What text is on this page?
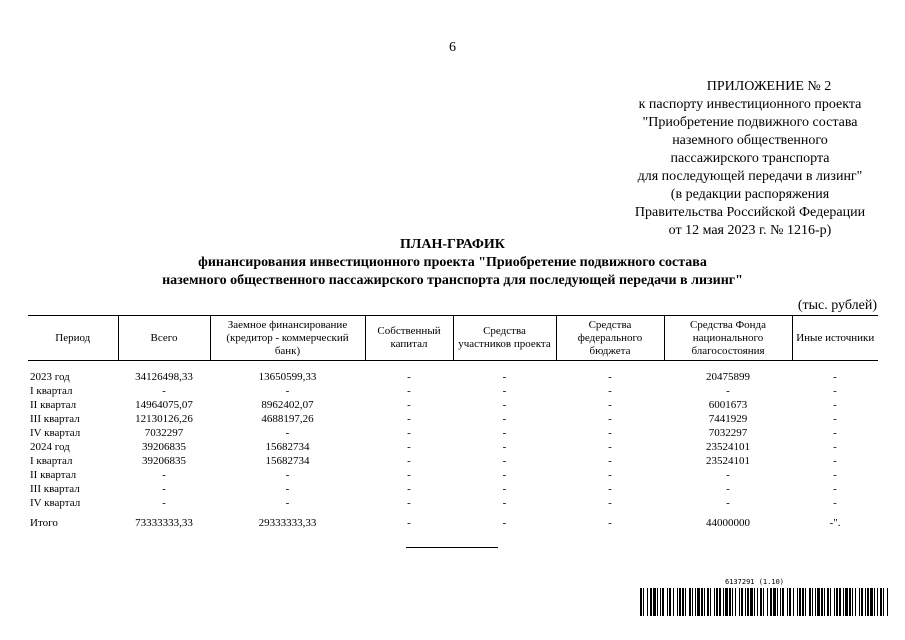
6
ПРИЛОЖЕНИЕ № 2
к паспорту инвестиционного проекта
"Приобретение подвижного состава
наземного общественного
пассажирского транспорта
для последующей передачи в лизинг"
(в редакции распоряжения
Правительства Российской Федерации
от 12 мая 2023 г. № 1216-р)
ПЛАН-ГРАФИК
финансирования инвестиционного проекта "Приобретение подвижного состава
наземного общественного пассажирского транспорта для последующей передачи в лизинг"
(тыс. рублей)
Период	Всего	Заемное финансирование (кредитор - коммерческий банк)	Собственный капитал	Средства участников проекта	Средства федерального бюджета	Средства Фонда национального благосостояния	Иные источники
2023 год	34126498,33	13650599,33	-	-	-	20475899	-
I квартал	-	-	-	-	-	-	-
II квартал	14964075,07	8962402,07	-	-	-	6001673	-
III квартал	12130126,26	4688197,26	-	-	-	7441929	-
IV квартал	7032297	-	-	-	-	7032297	-
2024 год	39206835	15682734	-	-	-	23524101	-
I квартал	39206835	15682734	-	-	-	23524101	-
II квартал	-	-	-	-	-	-	-
III квартал	-	-	-	-	-	-	-
IV квартал	-	-	-	-	-	-	-
Итого	73333333,33	29333333,33	-	-	-	44000000	-".
6137291 (1.10)
